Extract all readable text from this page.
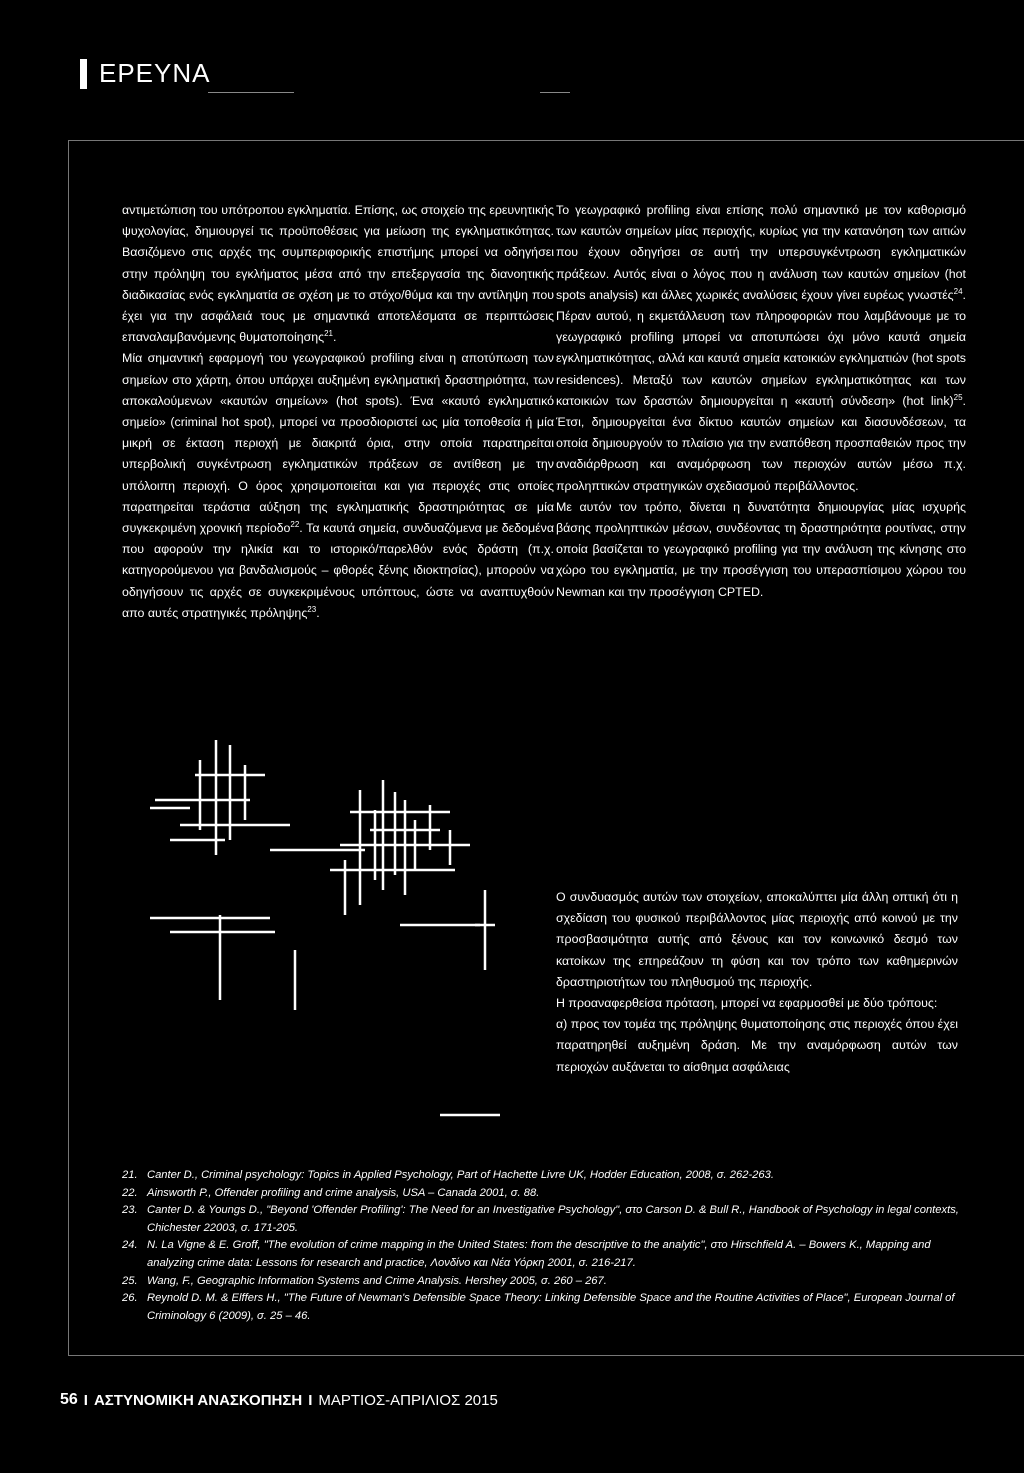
ΕΡΕΥΝΑ

αντιμετώπιση του υπότροπου εγκληματία. Επίσης, ως στοιχείο της ερευνητικής ψυχολογίας, δημιουργεί τις προϋποθέσεις για μείωση της εγκληματικότητας. Βασιζόμενο στις αρχές της συμπεριφορικής επιστήμης μπορεί να οδηγήσει στην πρόληψη του εγκλήματος μέσα από την επεξεργασία της διανοητικής διαδικασίας ενός εγκληματία σε σχέση με το στόχο/θύμα και την αντίληψη που έχει για την ασφάλειά τους με σημαντικά αποτελέσματα σε περιπτώσεις επαναλαμβανόμενης θυματοποίησης$^{21}$.

Μία σημαντική εφαρμογή του γεωγραφικού profiling είναι η αποτύπωση των σημείων στο χάρτη, όπου υπάρχει αυξημένη εγκληματική δραστηριότητα, των αποκαλούμενων «καυτών σημείων» (hot spots). Ένα «καυτό εγκληματικό σημείο» (criminal hot spot), μπορεί να προσδιοριστεί ως μία τοποθεσία ή μία μικρή σε έκταση περιοχή με διακριτά όρια, στην οποία παρατηρείται υπερβολική συγκέντρωση εγκληματικών πράξεων σε αντίθεση με την υπόλοιπη περιοχή. Ο όρος χρησιμοποιείται και για περιοχές στις οποίες παρατηρείται τεράστια αύξηση της εγκληματικής δραστηριότητας σε μία συγκεκριμένη χρονική περίοδο$^{22}$. Τα καυτά σημεία, συνδυαζόμενα με δεδομένα που αφορούν την ηλικία και το ιστορικό/παρελθόν ενός δράστη (π.χ. κατηγορούμενου για βανδαλισμούς – φθορές ξένης ιδιοκτησίας), μπορούν να οδηγήσουν τις αρχές σε συγκεκριμένους υπόπτους, ώστε να αναπτυχθούν απο αυτές στρατηγικές πρόληψης$^{23}$.

Το γεωγραφικό profiling είναι επίσης πολύ σημαντικό με τον καθορισμό των καυτών σημείων μίας περιοχής, κυρίως για την κατανόηση των αιτιών που έχουν οδηγήσει σε αυτή την υπερσυγκέντρωση εγκληματικών πράξεων. Αυτός είναι ο λόγος που η ανάλυση των καυτών σημείων (hot spots analysis) και άλλες χωρικές αναλύσεις έχουν γίνει ευρέως γνωστές$^{24}$. Πέραν αυτού, η εκμετάλλευση των πληροφοριών που λαμβάνουμε με το γεωγραφικό profiling μπορεί να αποτυπώσει όχι μόνο καυτά σημεία εγκληματικότητας, αλλά και καυτά σημεία κατοικιών εγκληματιών (hot spots residences). Μεταξύ των καυτών σημείων εγκληματικότητας και των κατοικιών των δραστών δημιουργείται η «καυτή σύνδεση» (hot link)$^{25}$. Έτσι, δημιουργείται ένα δίκτυο καυτών σημείων και διασυνδέσεων, τα οποία δημιουργούν το πλαίσιο για την εναπόθεση προσπαθειών προς την αναδιάρθρωση και αναμόρφωση των περιοχών αυτών μέσω π.χ. προληπτικών στρατηγικών σχεδιασμού περιβάλλοντος.

Με αυτόν τον τρόπο, δίνεται η δυνατότητα δημιουργίας μίας ισχυρής βάσης προληπτικών μέσων, συνδέοντας τη δραστηριότητα ρουτίνας, στην οποία βασίζεται το γεωγραφικό profiling για την ανάλυση της κίνησης στο χώρο του εγκληματία, με την προσέγγιση του υπερασπίσιμου χώρου του Newman και την προσέγγιση CPTED.

Ο συνδυασμός αυτών των στοιχείων, αποκαλύπτει μία άλλη οπτική ότι η σχεδίαση του φυσικού περιβάλλοντος μίας περιοχής από κοινού με την προσβασιμότητα αυτής από ξένους και τον κοινωνικό δεσμό των κατοίκων της επηρεάζουν τη φύση και τον τρόπο των καθημερινών δραστηριοτήτων του πληθυσμού της περιοχής.

Η προαναφερθείσα πρόταση, μπορεί να εφαρμοσθεί με δύο τρόπους:

α) προς τον τομέα της πρόληψης θυματοποίησης στις περιοχές όπου έχει παρατηρηθεί αυξημένη δράση. Με την αναμόρφωση αυτών των περιοχών αυξάνεται το αίσθημα ασφάλειας

21. Canter D., Criminal psychology: Topics in Applied Psychology, Part of Hachette Livre UK, Hodder Education, 2008, σ. 262-263.
22. Ainsworth P., Offender profiling and crime analysis, USA – Canada 2001, σ. 88.
23. Canter D. & Youngs D., "Beyond 'Offender Profiling': The Need for an Investigative Psychology", στο Carson D. & Bull R., Handbook of Psychology in legal contexts, Chichester 22003, σ. 171-205.
24. N. La Vigne & E. Groff, "The evolution of crime mapping in the United States: from the descriptive to the analytic", στο Hirschfield A. – Bowers K., Mapping and analyzing crime data: Lessons for research and practice, Λονδίνο και Νέα Υόρκη 2001, σ. 216-217.
25. Wang, F., Geographic Information Systems and Crime Analysis. Hershey 2005, σ. 260 – 267.
26. Reynold D. M. & Elffers H., "The Future of Newman's Defensible Space Theory: Linking Defensible Space and the Routine Activities of Place", European Journal of Criminology 6 (2009), σ. 25 – 46.
56 I ΑΣΤΥΝΟΜΙΚΗ ΑΝΑΣΚΟΠΗΣΗ I ΜΑΡΤΙΟΣ-ΑΠΡΙΛΙΟΣ 2015
